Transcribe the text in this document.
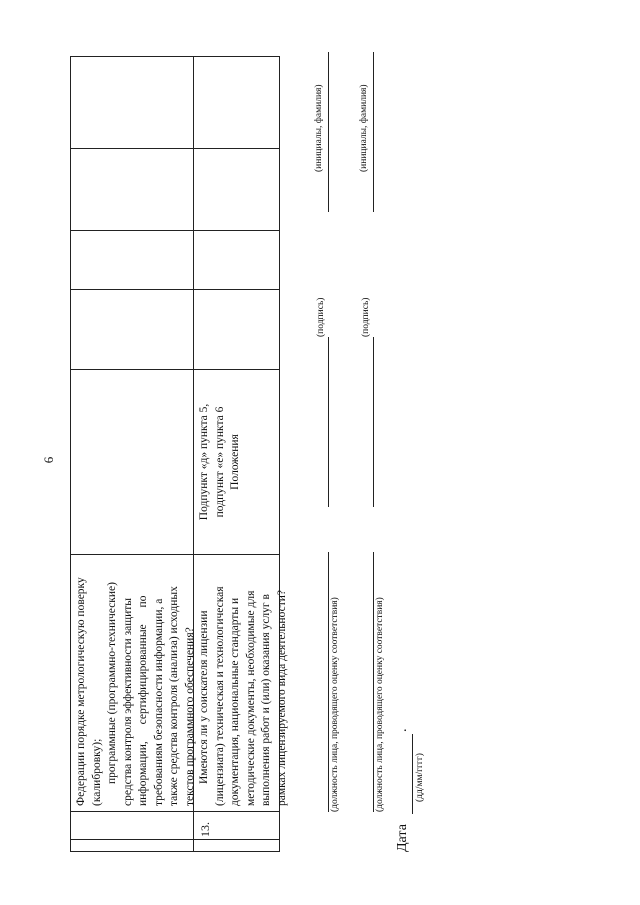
6
Федерации порядке метрологическую поверку (калибровку); программные (программно-технические) средства контроля эффективности защиты информации, сертифицированные по требованиям безопасности информации, а также средства контроля (анализа) исходных текстов программного обеспечения?
13.
Имеются ли у соискателя лицензии (лицензиата) техническая и технологическая документация, национальные стандарты и методические документы, необходимые для выполнения работ и (или) оказания услуг в рамках лицензируемого вида деятельности?
Подпункт «д» пункта 5, подпункт «е» пункта 6 Положения
(должность лица, проводящего оценку соответствия)
(подпись)
(инициалы, фамилия)
(должность лица, проводящего оценку соответствия)
(подпись)
(инициалы, фамилия)
Дата
.
(дд/мм/гггг)
